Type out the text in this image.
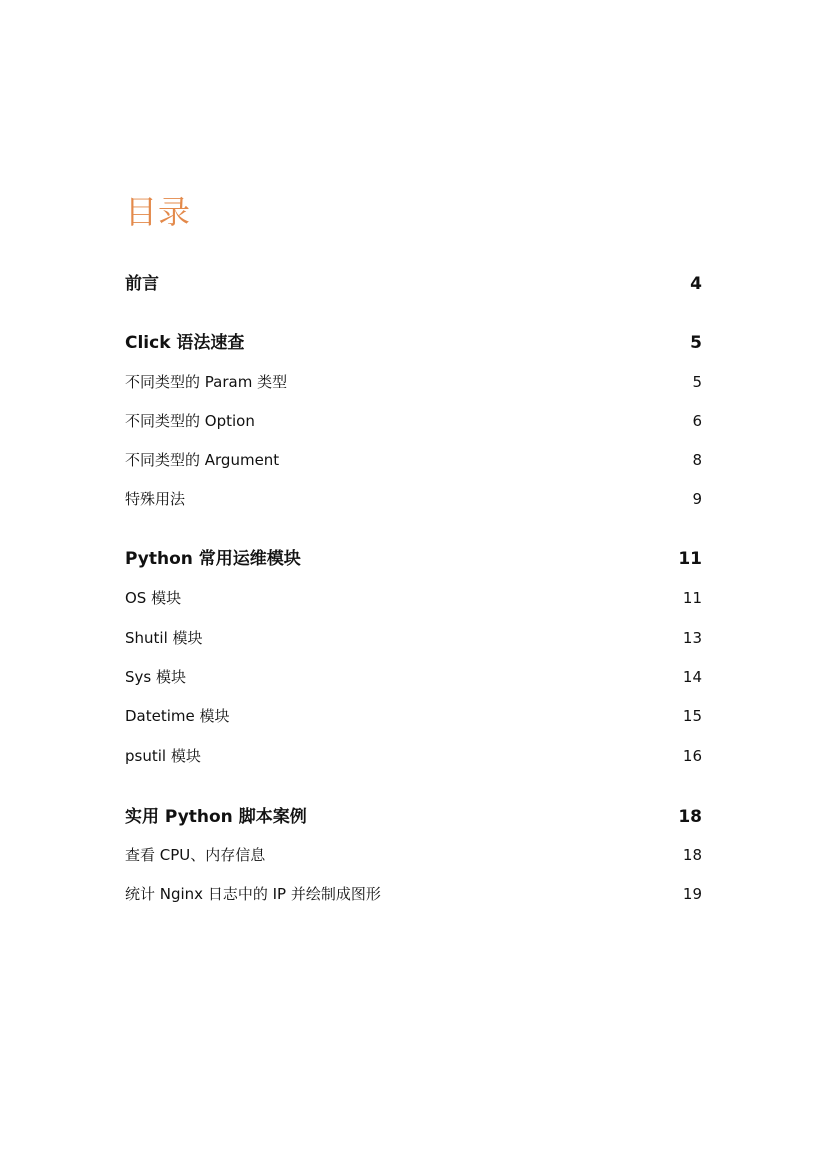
目录
前言	4
Click 语法速查	5
不同类型的 Param 类型	5
不同类型的 Option	6
不同类型的 Argument	8
特殊用法	9
Python 常用运维模块	11
OS 模块	11
Shutil 模块	13
Sys 模块	14
Datetime 模块	15
psutil 模块	16
实用 Python 脚本案例	18
查看 CPU、内存信息	18
统计 Nginx 日志中的 IP 并绘制成图形	19
